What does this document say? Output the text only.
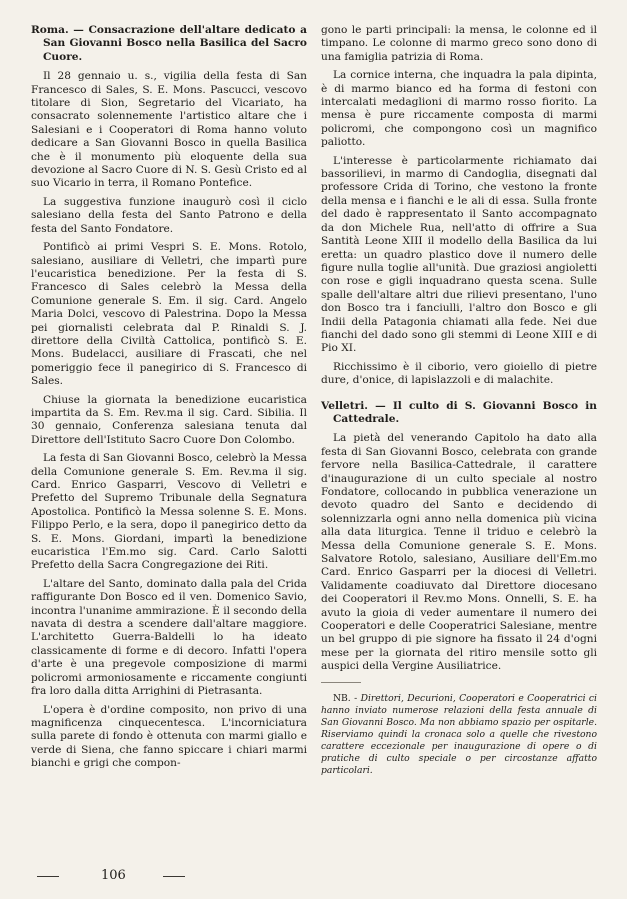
Roma. — Consacrazione dell'altare dedicato a San Giovanni Bosco nella Basilica del Sacro Cuore.

Il 28 gennaio u. s., vigilia della festa di San Francesco di Sales, S. E. Mons. Pascucci, vescovo titolare di Sion, Segretario del Vicariato, ha consacrato solennemente l'artistico altare che i Salesiani e i Cooperatori di Roma hanno voluto dedicare a San Giovanni Bosco in quella Basilica che è il monumento più eloquente della sua devozione al Sacro Cuore di N. S. Gesù Cristo ed al suo Vicario in terra, il Romano Pontefice.

La suggestiva funzione inaugurò così il ciclo salesiano della festa del Santo Patrono e della festa del Santo Fondatore.

Pontificò ai primi Vespri S. E. Mons. Rotolo, salesiano, ausiliare di Velletri, che impartì pure l'eucaristica benedizione. Per la festa di S. Francesco di Sales celebrò la Messa della Comunione generale S. Em. il sig. Card. Angelo Maria Dolci, vescovo di Palestrina. Dopo la Messa pei giornalisti celebrata dal P. Rinaldi S. J. direttore della Civiltà Cattolica, pontificò S. E. Mons. Budelacci, ausiliare di Frascati, che nel pomeriggio fece il panegirico di S. Francesco di Sales.

Chiuse la giornata la benedizione eucaristica impartita da S. Em. Rev.ma il sig. Card. Sibilia. Il 30 gennaio, Conferenza salesiana tenuta dal Direttore dell'Istituto Sacro Cuore Don Colombo.

La festa di San Giovanni Bosco, celebrò la Messa della Comunione generale S. Em. Rev.ma il sig. Card. Enrico Gasparri, Vescovo di Velletri e Prefetto del Supremo Tribunale della Segnatura Apostolica. Pontificò la Messa solenne S. E. Mons. Filippo Perlo, e la sera, dopo il panegirico detto da S. E. Mons. Giordani, impartì la benedizione eucaristica l'Em.mo sig. Card. Carlo Salotti Prefetto della Sacra Congregazione dei Riti.

L'altare del Santo, dominato dalla pala del Crida raffigurante Don Bosco ed il ven. Domenico Savio, incontra l'unanime ammirazione. È il secondo della navata di destra a scendere dall'altare maggiore. L'architetto Guerra-Baldelli lo ha ideato classicamente di forme e di decoro. Infatti l'opera d'arte è una pregevole composizione di marmi policromi armoniosamente e riccamente congiunti fra loro dalla ditta Arrighini di Pietrasanta.

L'opera è d'ordine composito, non privo di una magnificenza cinquecentesca. L'incorniciatura sulla parete di fondo è ottenuta con marmi giallo e verde di Siena, che fanno spiccare i chiari marmi bianchi e grigi che compon-

gono le parti principali: la mensa, le colonne ed il timpano. Le colonne di marmo greco sono dono di una famiglia patrizia di Roma.

La cornice interna, che inquadra la pala dipinta, è di marmo bianco ed ha forma di festoni con intercalati medaglioni di marmo rosso fiorito. La mensa è pure riccamente composta di marmi policromi, che compongono così un magnifico paliotto.

L'interesse è particolarmente richiamato dai bassorilievi, in marmo di Candoglia, disegnati dal professore Crida di Torino, che vestono la fronte della mensa e i fianchi e le ali di essa. Sulla fronte del dado è rappresentato il Santo accompagnato da don Michele Rua, nell'atto di offrire a Sua Santità Leone XIII il modello della Basilica da lui eretta: un quadro plastico dove il numero delle figure nulla toglie all'unità. Due graziosi angioletti con rose e gigli inquadrano questa scena. Sulle spalle dell'altare altri due rilievi presentano, l'uno don Bosco tra i fanciulli, l'altro don Bosco e gli Indii della Patagonia chiamati alla fede. Nei due fianchi del dado sono gli stemmi di Leone XIII e di Pio XI.

Ricchissimo è il ciborio, vero gioiello di pietre dure, d'onice, di lapislazzoli e di malachite.

Velletri. — Il culto di S. Giovanni Bosco in Cattedrale.

La pietà del venerando Capitolo ha dato alla festa di San Giovanni Bosco, celebrata con grande fervore nella Basilica-Cattedrale, il carattere d'inaugurazione di un culto speciale al nostro Fondatore, collocando in pubblica venerazione un devoto quadro del Santo e decidendo di solennizzarla ogni anno nella domenica più vicina alla data liturgica. Tenne il triduo e celebrò la Messa della Comunione generale S. E. Mons. Salvatore Rotolo, salesiano, Ausiliare dell'Em.mo Card. Enrico Gasparri per la diocesi di Velletri. Validamente coadiuvato dal Direttore diocesano dei Cooperatori il Rev.mo Mons. Onnelli, S. E. ha avuto la gioia di veder aumentare il numero dei Cooperatori e delle Cooperatrici Salesiane, mentre un bel gruppo di pie signore ha fissato il 24 d'ogni mese per la giornata del ritiro mensile sotto gli auspici della Vergine Ausiliatrice.

NB. - Direttori, Decurioni, Cooperatori e Cooperatrici ci hanno inviato numerose relazioni della festa annuale di San Giovanni Bosco. Ma non abbiamo spazio per ospitarle. Riserviamo quindi la cronaca solo a quelle che rivestono carattere eccezionale per inaugurazione di opere o di pratiche di culto speciale o per circostanze affatto particolari.

106
